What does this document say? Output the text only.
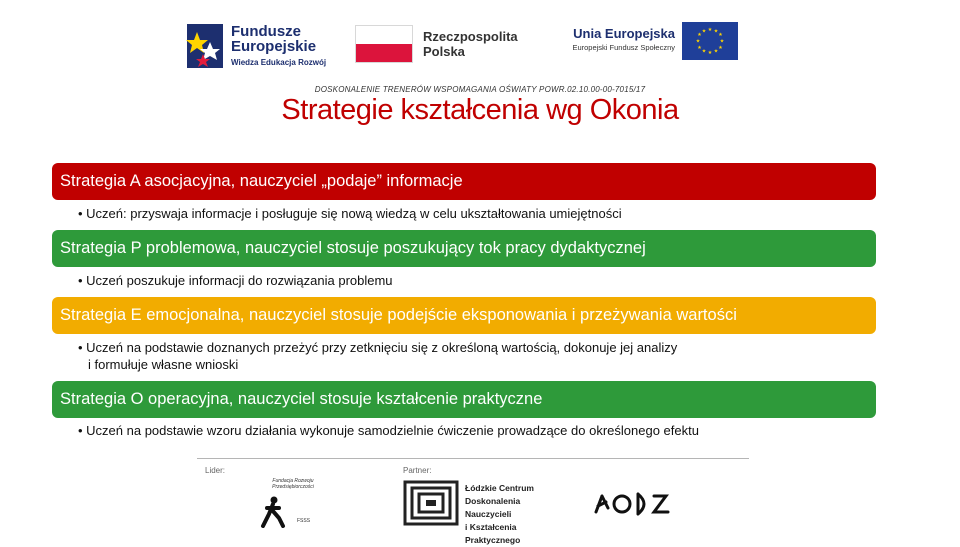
Fundusze
Europejskie
Wiedza Edukacja Rozwój
Rzeczpospolita
Polska
Unia Europejska
Europejski Fundusz Społeczny
★ ★
★
★
★
★
★
★
★
★
★
★
DOSKONALENIE TRENERÓW WSPOMAGANIA OŚWIATY POWR.02.10.00-00-7015/17
Strategie kształcenia wg Okonia
Strategia A asocjacyjna, nauczyciel „podaje” informacje
• Uczeń: przyswaja informacje i posługuje się nową wiedzą w celu ukształtowania umiejętności
Strategia P problemowa, nauczyciel stosuje poszukujący tok pracy dydaktycznej
• Uczeń poszukuje informacji do rozwiązania problemu
Strategia E emocjonalna, nauczyciel stosuje podejście eksponowania i przeżywania wartości
• Uczeń na podstawie doznanych przeżyć przy zetknięciu się z określoną wartością, dokonuje jej analizy
i formułuje własne wnioski
Strategia O operacyjna, nauczyciel stosuje kształcenie praktyczne
• Uczeń na podstawie wzoru działania wykonuje samodzielnie ćwiczenie prowadzące do określonego efektu
Lider:	Partner:
Fundacja Rozwoju Przedsiębiorczości
FSSS
Łódzkie Centrum
Doskonalenia Nauczycieli
i Kształcenia Praktycznego
